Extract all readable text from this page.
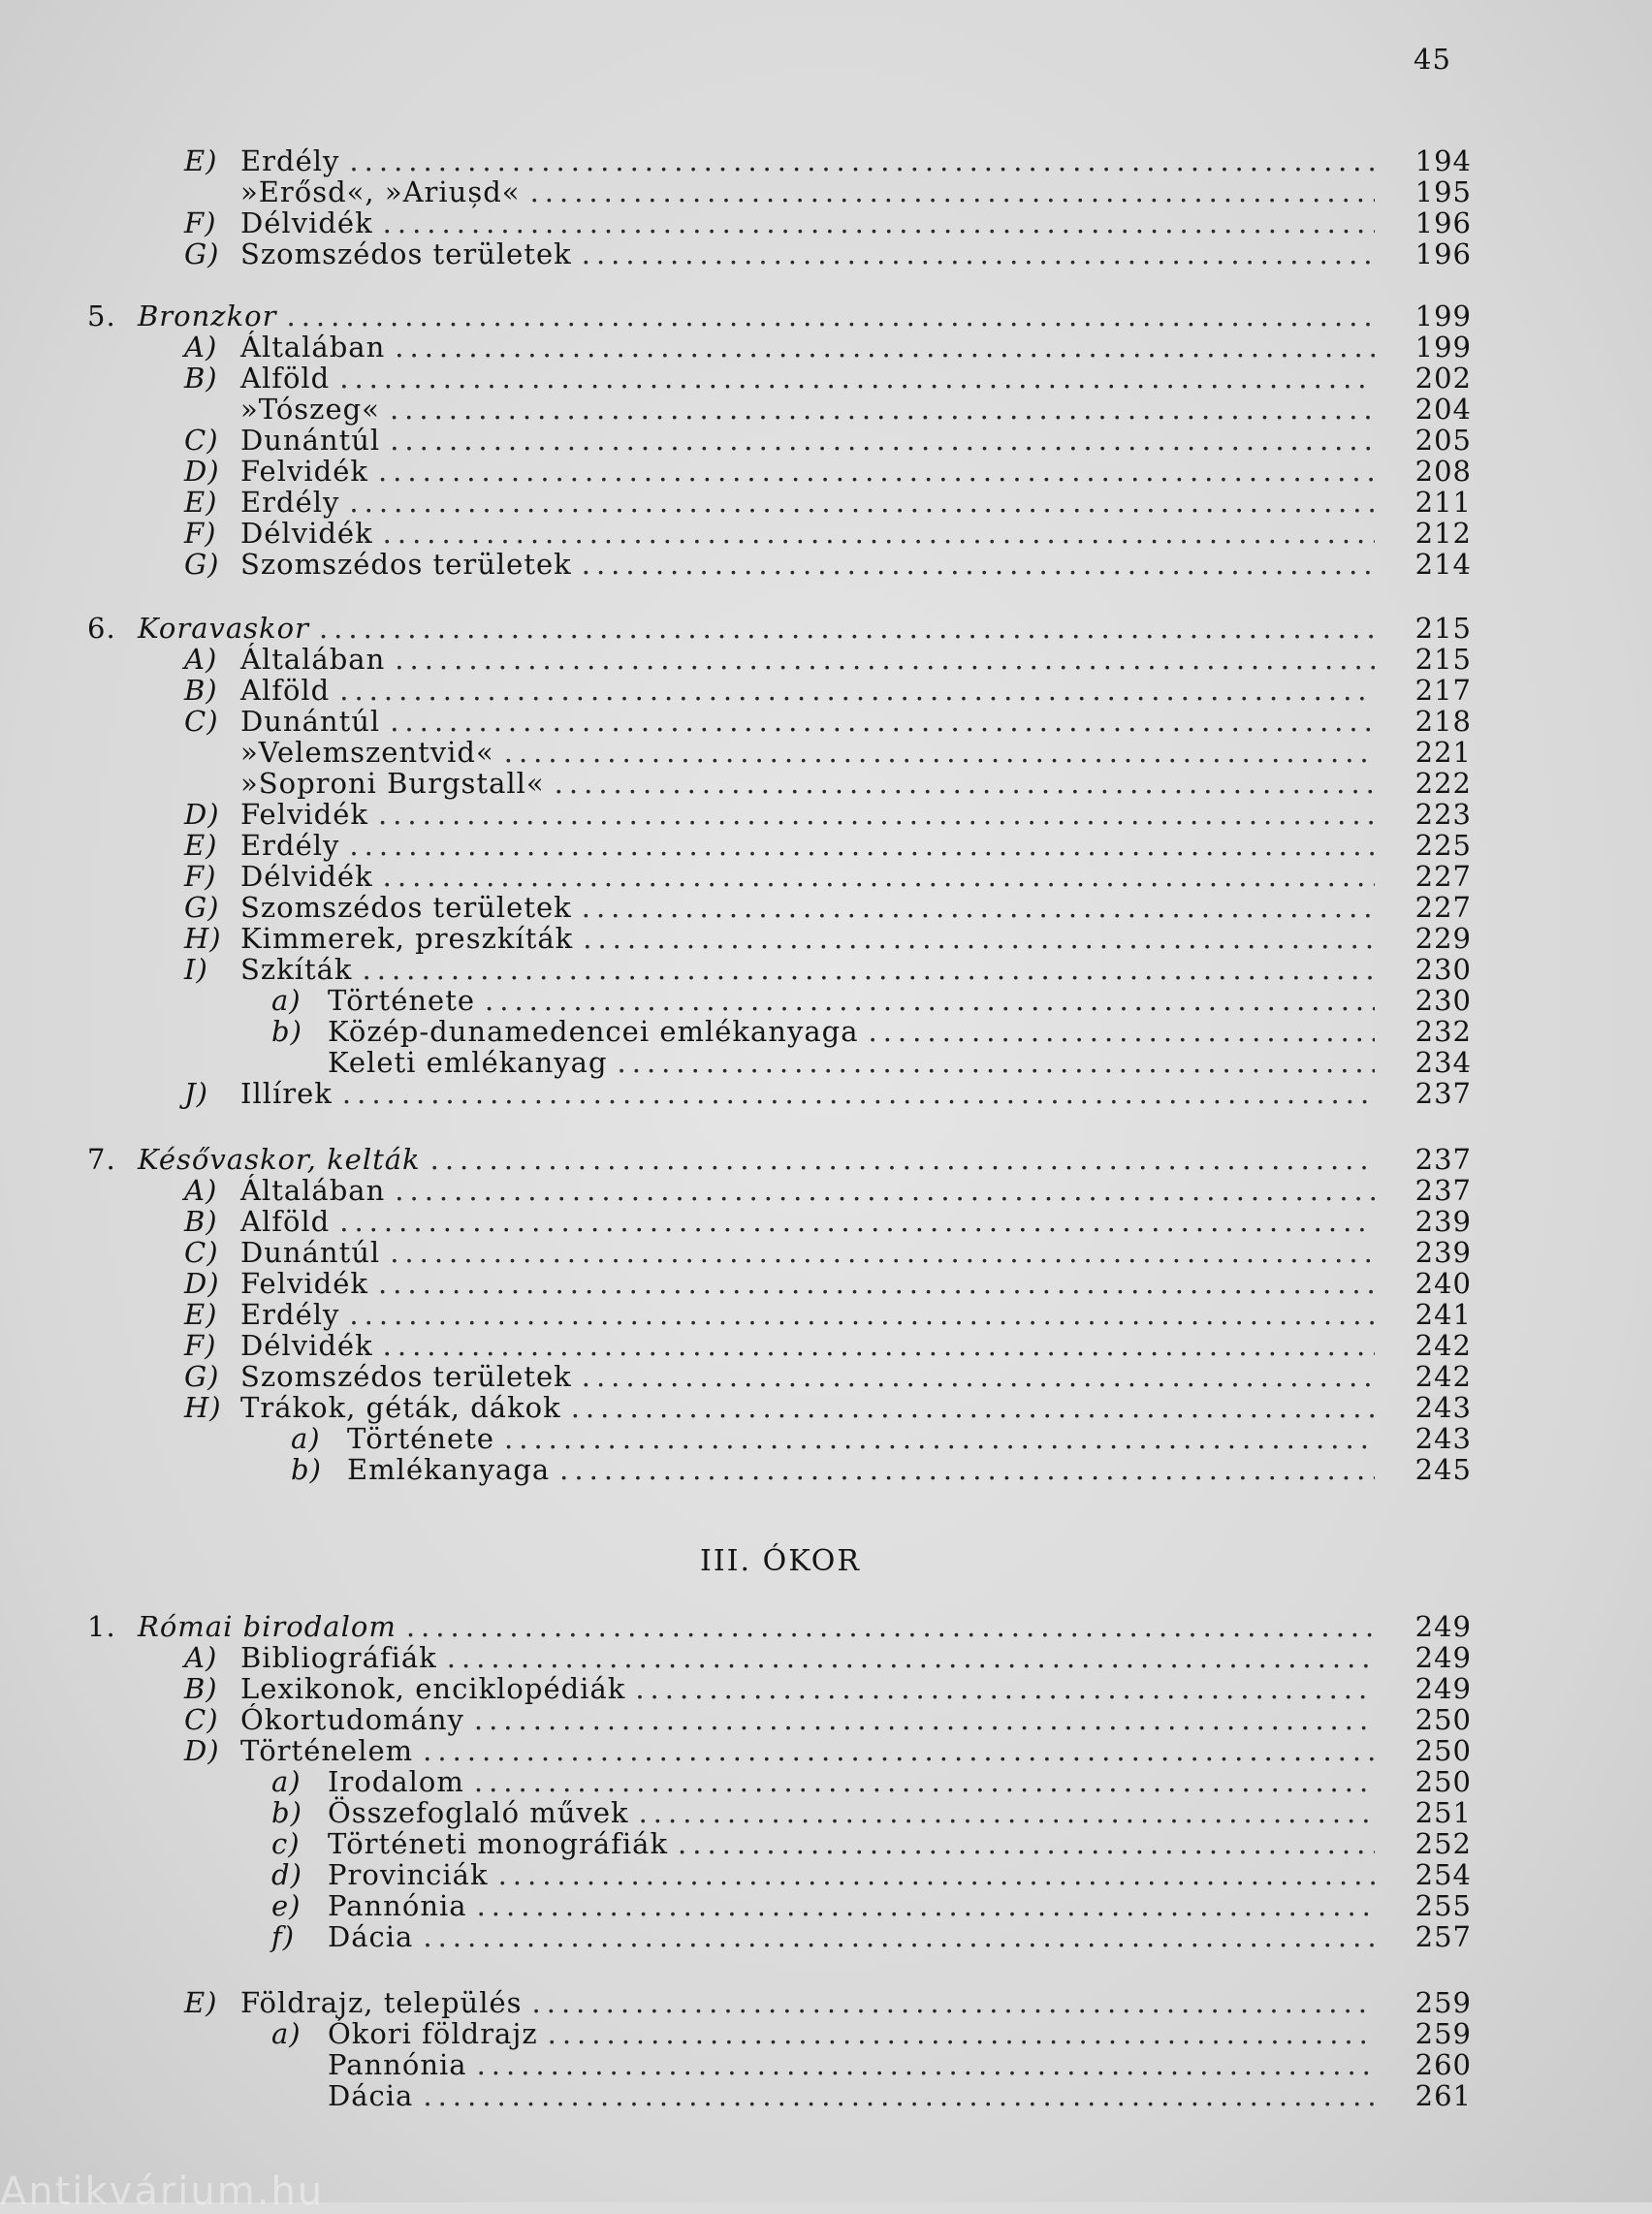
45
E) Erdély .....	194
»Erősd«, »Ariușd« .....	195
F) Délvidék .....	196
G) Szomszédos területek .....	196
5. Bronzkor .....	199
A) Általában .....	199
B) Alföld .....	202
»Tószeg« .....	204
C) Dunántúl .....	205
D) Felvidék .....	208
E) Erdély .....	211
F) Délvidék .....	212
G) Szomszédos területek .....	214
6. Koravaskor .....	215
A) Általában .....	215
B) Alföld .....	217
C) Dunántúl .....	218
»Velemszentvid« .....	221
»Soproni Burgstall« .....	222
D) Felvidék .....	223
E) Erdély .....	225
F) Délvidék .....	227
G) Szomszédos területek .....	227
H) Kimmerek, preszkíták .....	229
I)	Szkíták .....	230
a) Története .....	230
b) Közép-dunamedencei emlékanyaga .....	232
Keleti emlékanyag .....	234
J)	Illírek .....	237
7. Késővaskor, kelták .....	237
A) Általában .....	237
B) Alföld .....	239
C) Dunántúl .....	239
D) Felvidék .....	240
E) Erdély .....	241
F) Délvidék .....	242
G) Szomszédos területek .....	242
H) Trákok, géták, dákok .....	243
a) Története .....	243
b) Emlékanyaga .....	245
1. Római birodalom .....	249
A) Bibliográfiák .....	249
B) Lexikonok, enciklopédiák .....	249
C) Ókortudomány .....	250
D) Történelem .....	250
a) Irodalom .....	250
b) Összefoglaló művek .....	251
c) Történeti monográfiák .....	252
d) Provinciák .....	254
e) Pannónia .....	255
f)	Dácia .....	257
E) Földrajz, település .....	259
a) Ókori földrajz .....	259
Pannónia .....	260
Dácia .....	261
III. ÓKOR
Antikvárium.hu
